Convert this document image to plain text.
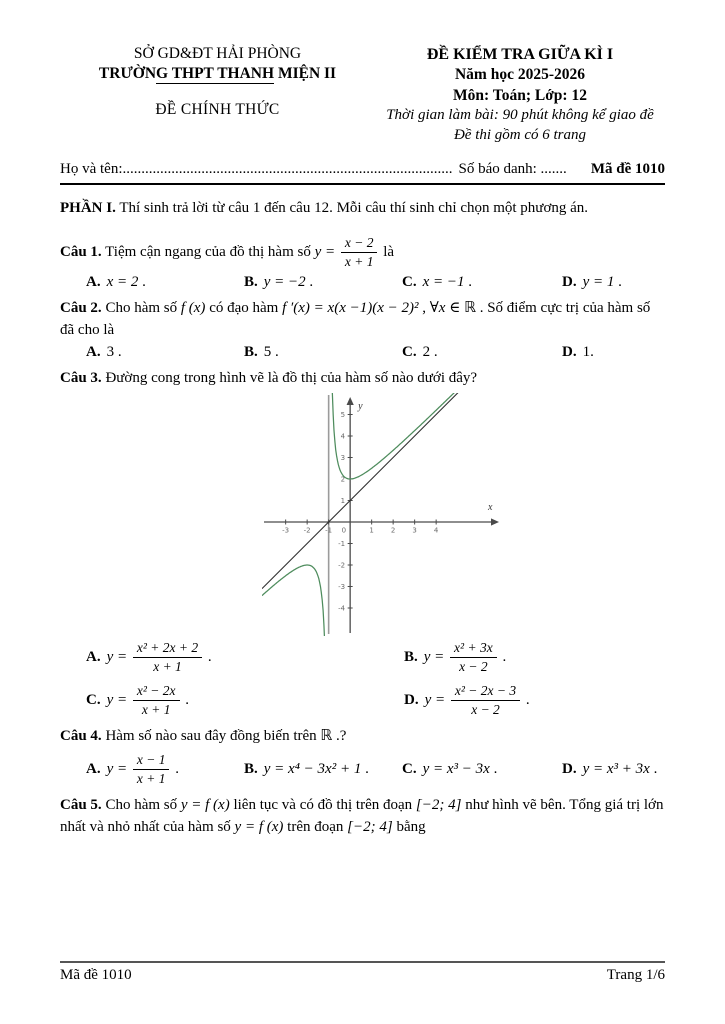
SỞ GD&ĐT HẢI PHÒNG
TRƯỜNG THPT THANH MIỆN II
ĐỀ CHÍNH THỨC
ĐỀ KIỂM TRA GIỮA KÌ I
Năm học 2025-2026
Môn: Toán; Lớp: 12
Thời gian làm bài: 90 phút không kể giao đề
Đề thi gồm có 6 trang
Họ và tên:........................................................................................ Số báo danh: ....... Mã đề 1010

PHẦN I. Thí sinh trả lời từ câu 1 đến câu 12. Mỗi câu thí sinh chỉ chọn một phương án.

Câu 1. Tiệm cận ngang của đồ thị hàm số $y = \frac{x - 2}{x + 1}$ là

A. x = 2 .	B. y = −2 .	C. x = −1 .	D. y = 1 .

Câu 2. Cho hàm số f (x) có đạo hàm f ′(x) = x(x −1)(x − 2)² , ∀x ∈ ℝ . Số điểm cực trị của hàm số đã cho là

A. 3 .	B. 5 .	C. 2 .	D. 1.

Câu 3. Đường cong trong hình vẽ là đồ thị của hàm số nào dưới đây?

x
y
-3 -2 -1 0	1 2 3 4
-4
-3
-2
-1
1
2
3
4
5
A. $y = \frac{\text{x² + 2x + 2}}{x + 1}$ .	B. $y = \frac{\text{x² + 3x}}{x - 2}$ .
C. $y = \frac{\text{x² − 2x}}{x + 1}$ .	D. $y = \frac{\text{x² − 2x − 3}}{x - 2}$ .

Câu 4. Hàm số nào sau đây đồng biến trên ℝ .?

A. $y = \frac{x - 1}{x + 1}$ .	B. y = x⁴ − 3x² + 1 . C. y = x³ − 3x .	D. y = x³ + 3x .

Câu 5. Cho hàm số y = f (x) liên tục và có đồ thị trên đoạn [−2; 4] như hình vẽ bên. Tổng giá trị lớn nhất và nhỏ nhất của hàm số y = f (x) trên đoạn [−2; 4] bằng

Mã đề 1010	Trang 1/6
